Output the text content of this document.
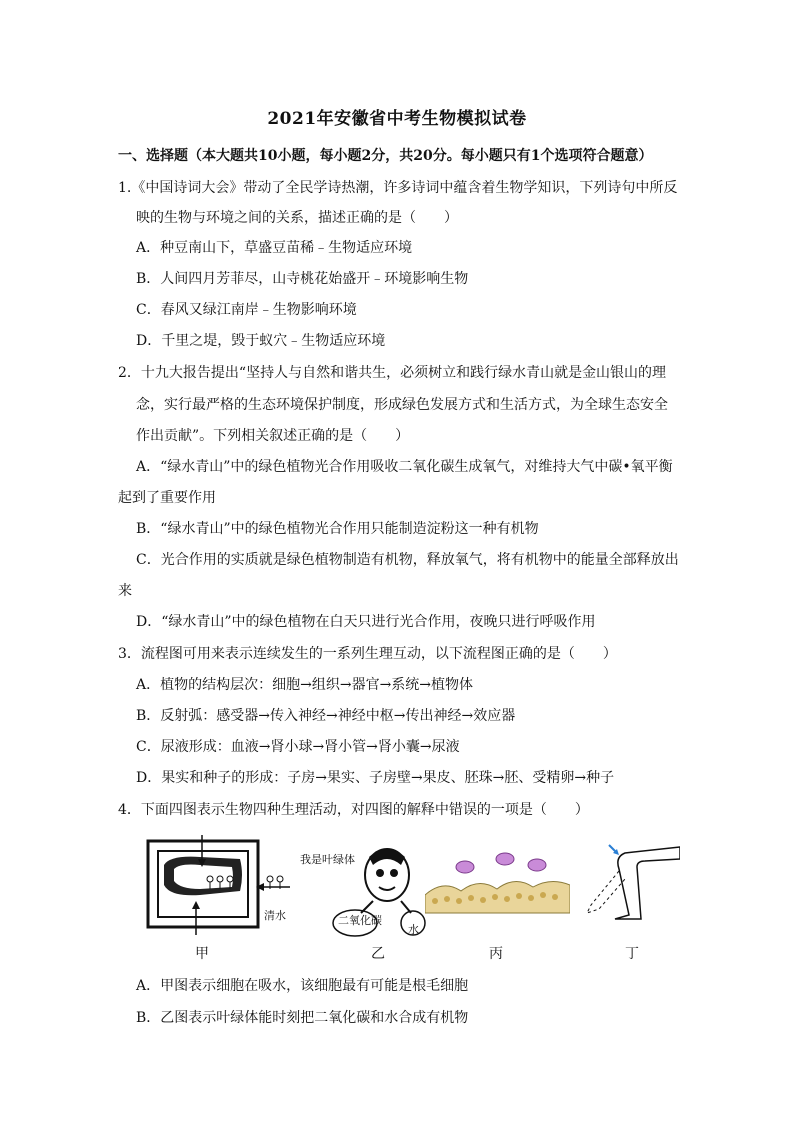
2021年安徽省中考生物模拟试卷
一、选择题（本大题共10小题，每小题2分，共20分。每小题只有1个选项符合题意）
1.《中国诗词大会》带动了全民学诗热潮，许多诗词中蕴含着生物学知识，下列诗句中所反
映的生物与环境之间的关系，描述正确的是（　　）
A．种豆南山下，草盛豆苗稀﹣生物适应环境
B．人间四月芳菲尽，山寺桃花始盛开﹣环境影响生物
C．春风又绿江南岸﹣生物影响环境
D．千里之堤，毁于蚁穴﹣生物适应环境
2．十九大报告提出“坚持人与自然和谐共生，必须树立和践行绿水青山就是金山银山的理
念，实行最严格的生态环境保护制度，形成绿色发展方式和生活方式，为全球生态安全
作出贡献”。下列相关叙述正确的是（　　）
A．“绿水青山”中的绿色植物光合作用吸收二氧化碳生成氧气，对维持大气中碳•氧平衡
起到了重要作用
B．“绿水青山”中的绿色植物光合作用只能制造淀粉这一种有机物
C．光合作用的实质就是绿色植物制造有机物，释放氧气，将有机物中的能量全部释放出
来
D．“绿水青山”中的绿色植物在白天只进行光合作用，夜晚只进行呼吸作用
3．流程图可用来表示连续发生的一系列生理互动，以下流程图正确的是（　　）
A．植物的结构层次：细胞→组织→器官→系统→植物体
B．反射弧：感受器→传入神经→神经中枢→传出神经→效应器
C．尿液形成：血液→肾小球→肾小管→肾小囊→尿液
D．果实和种子的形成：子房→果实、子房壁→果皮、胚珠→胚、受精卵→种子
4．下面四图表示生物四种生理活动，对四图的解释中错误的一项是（　　）
清水
我是叶绿体
二氧化碳
水
甲	乙	丙	丁
A．甲图表示细胞在吸水，该细胞最有可能是根毛细胞
B．乙图表示叶绿体能时刻把二氧化碳和水合成有机物
